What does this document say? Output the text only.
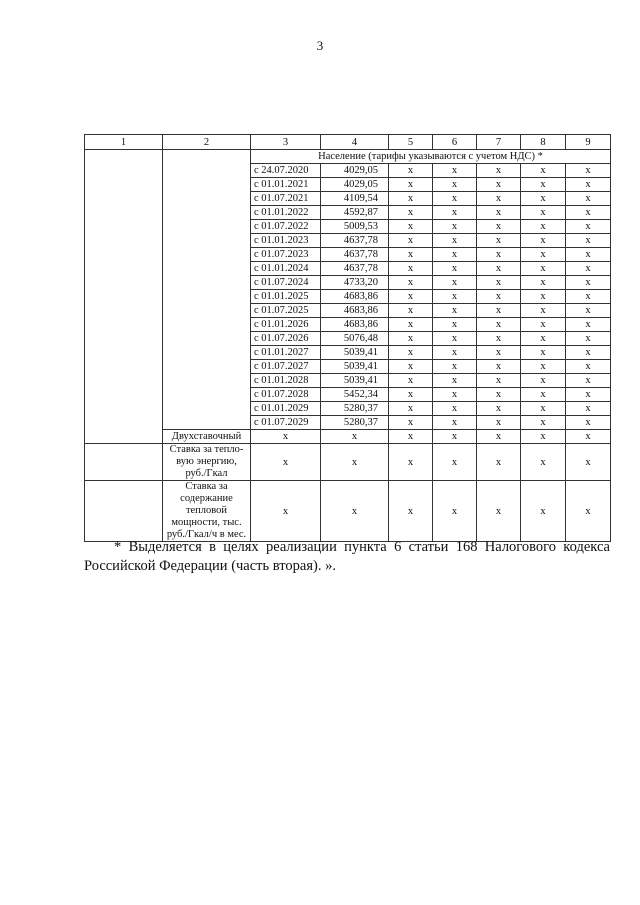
3
1	2	3	4	5	6	7	8	9
		Население (тарифы указываются с учетом НДС) *						
		с 24.07.2020	4029,05	х	х	х	х	х
		с 01.01.2021	4029,05	х	х	х	х	х
		с 01.07.2021	4109,54	х	х	х	х	х
		с 01.01.2022	4592,87	х	х	х	х	х
		с 01.07.2022	5009,53	х	х	х	х	х
		с 01.01.2023	4637,78	х	х	х	х	х
		с 01.07.2023	4637,78	х	х	х	х	х
		с 01.01.2024	4637,78	х	х	х	х	х
		с 01.07.2024	4733,20	х	х	х	х	х
		с 01.01.2025	4683,86	х	х	х	х	х
		с 01.07.2025	4683,86	х	х	х	х	х
		с 01.01.2026	4683,86	х	х	х	х	х
		с 01.07.2026	5076,48	х	х	х	х	х
		с 01.01.2027	5039,41	х	х	х	х	х
		с 01.07.2027	5039,41	х	х	х	х	х
		с 01.01.2028	5039,41	х	х	х	х	х
		с 01.07.2028	5452,34	х	х	х	х	х
		с 01.01.2029	5280,37	х	х	х	х	х
		с 01.07.2029	5280,37	х	х	х	х	х
	Двухставочный	х	х	х	х	х	х	х
	Ставка за тепло-вую энергию, руб./Гкал	х	х	х	х	х	х	х
	Ставка за содержание тепловой мощности, тыс. руб./Гкал/ч в мес.	х	х	х	х	х	х	х
* Выделяется в целях реализации пункта 6 статьи 168 Налогового кодекса Российской Федерации (часть вторая). ».
